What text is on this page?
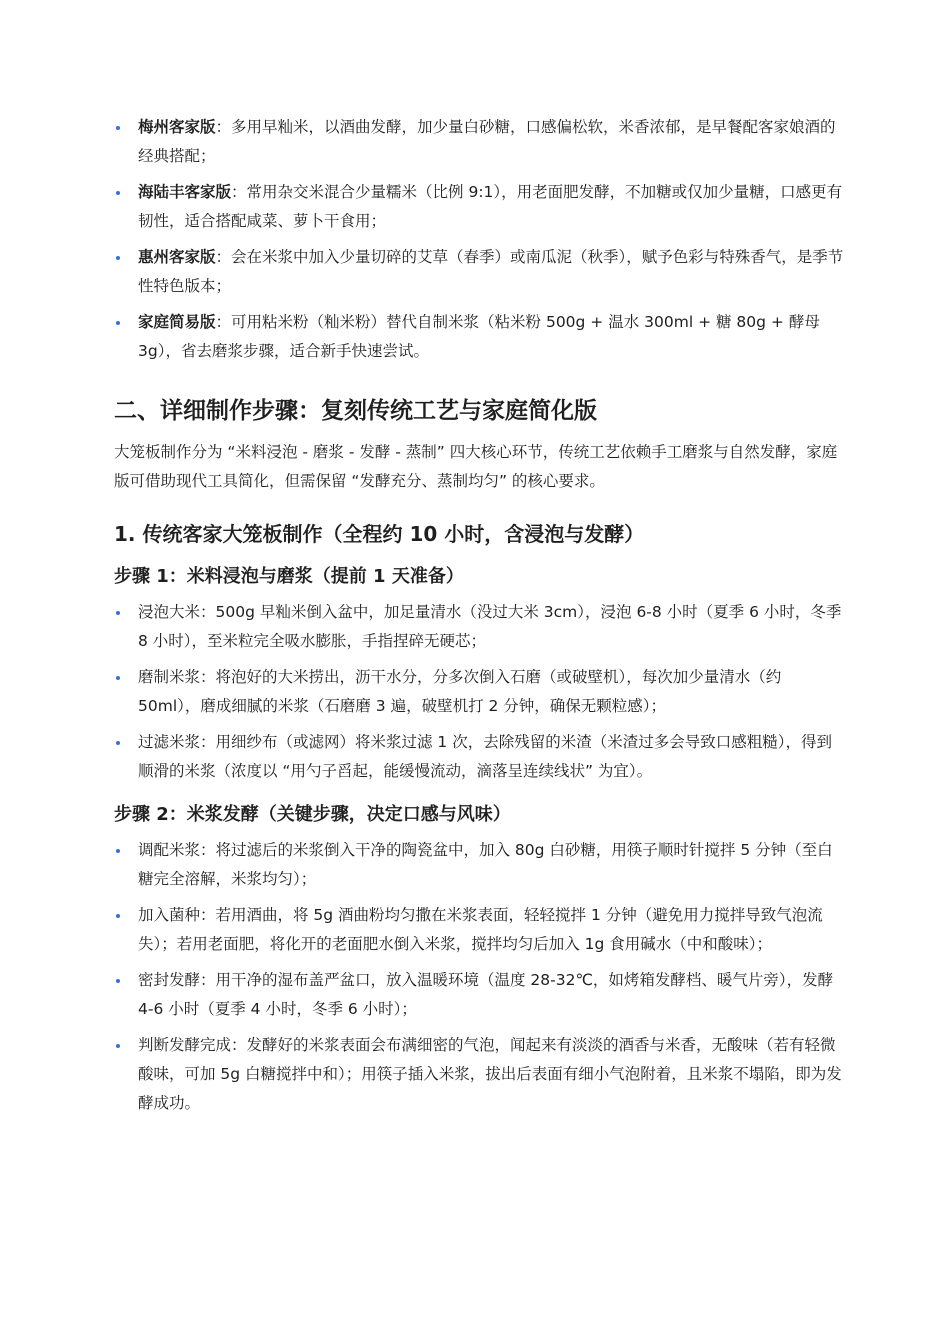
梅州客家版：多用早籼米，以酒曲发酵，加少量白砂糖，口感偏松软，米香浓郁，是早餐配客家娘酒的经典搭配；
海陆丰客家版：常用杂交米混合少量糯米（比例 9:1），用老面肥发酵，不加糖或仅加少量糖，口感更有韧性，适合搭配咸菜、萝卜干食用；
惠州客家版：会在米浆中加入少量切碎的艾草（春季）或南瓜泥（秋季），赋予色彩与特殊香气，是季节性特色版本；
家庭简易版：可用粘米粉（籼米粉）替代自制米浆（粘米粉 500g + 温水 300ml + 糖 80g + 酵母 3g），省去磨浆步骤，适合新手快速尝试。
二、详细制作步骤：复刻传统工艺与家庭简化版

大笼板制作分为 “米料浸泡 - 磨浆 - 发酵 - 蒸制” 四大核心环节，传统工艺依赖手工磨浆与自然发酵，家庭版可借助现代工具简化，但需保留 “发酵充分、蒸制均匀” 的核心要求。

1. 传统客家大笼板制作（全程约 10 小时，含浸泡与发酵）
步骤 1：米料浸泡与磨浆（提前 1 天准备）
浸泡大米：500g 早籼米倒入盆中，加足量清水（没过大米 3cm），浸泡 6-8 小时（夏季 6 小时，冬季 8 小时），至米粒完全吸水膨胀，手指捏碎无硬芯；
磨制米浆：将泡好的大米捞出，沥干水分，分多次倒入石磨（或破壁机），每次加少量清水（约 50ml），磨成细腻的米浆（石磨磨 3 遍，破壁机打 2 分钟，确保无颗粒感）；
过滤米浆：用细纱布（或滤网）将米浆过滤 1 次，去除残留的米渣（米渣过多会导致口感粗糙），得到顺滑的米浆（浓度以 “用勺子舀起，能缓慢流动，滴落呈连续线状” 为宜）。
步骤 2：米浆发酵（关键步骤，决定口感与风味）
调配米浆：将过滤后的米浆倒入干净的陶瓷盆中，加入 80g 白砂糖，用筷子顺时针搅拌 5 分钟（至白糖完全溶解，米浆均匀）；
加入菌种：若用酒曲，将 5g 酒曲粉均匀撒在米浆表面，轻轻搅拌 1 分钟（避免用力搅拌导致气泡流失）；若用老面肥，将化开的老面肥水倒入米浆，搅拌均匀后加入 1g 食用碱水（中和酸味）；
密封发酵：用干净的湿布盖严盆口，放入温暖环境（温度 28-32℃，如烤箱发酵档、暖气片旁），发酵 4-6 小时（夏季 4 小时，冬季 6 小时）；
判断发酵完成：发酵好的米浆表面会布满细密的气泡，闻起来有淡淡的酒香与米香，无酸味（若有轻微酸味，可加 5g 白糖搅拌中和）；用筷子插入米浆，拔出后表面有细小气泡附着，且米浆不塌陷，即为发酵成功。
